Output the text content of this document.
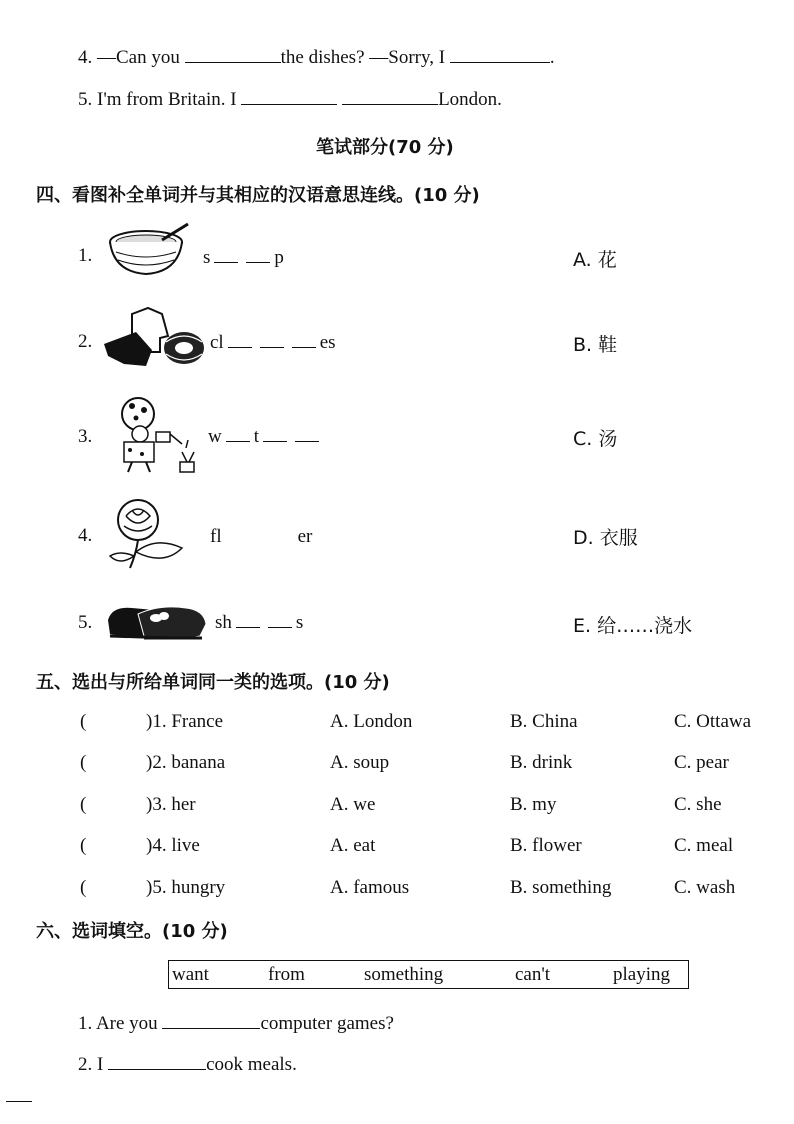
4. —Can you	the dishes? —Sorry, I	.
5. I'm from Britain. I	London.
笔试部分(70 分)
四、看图补全单词并与其相应的汉语意思连线。(10 分)
1.	s	p
2.	cl	es
3.	w t
4.	fl	er
5.	sh	s
A. 花
B. 鞋
C. 汤
D. 衣服
E. 给……浇水
五、选出与所给单词同一类的选项。(10 分)
(	)1. France	A. London	B. China	C. Ottawa
(	)2. banana	A. soup	B. drink	C. pear
(	)3. her	A. we	B. my	C. she
(	)4. live	A. eat	B. flower	C. meal
(	)5. hungry	A. famous	B. something	C. wash
六、选词填空。(10 分)
want	from	something	can't	playing
1. Are you	computer games?
2. I	cook meals.
